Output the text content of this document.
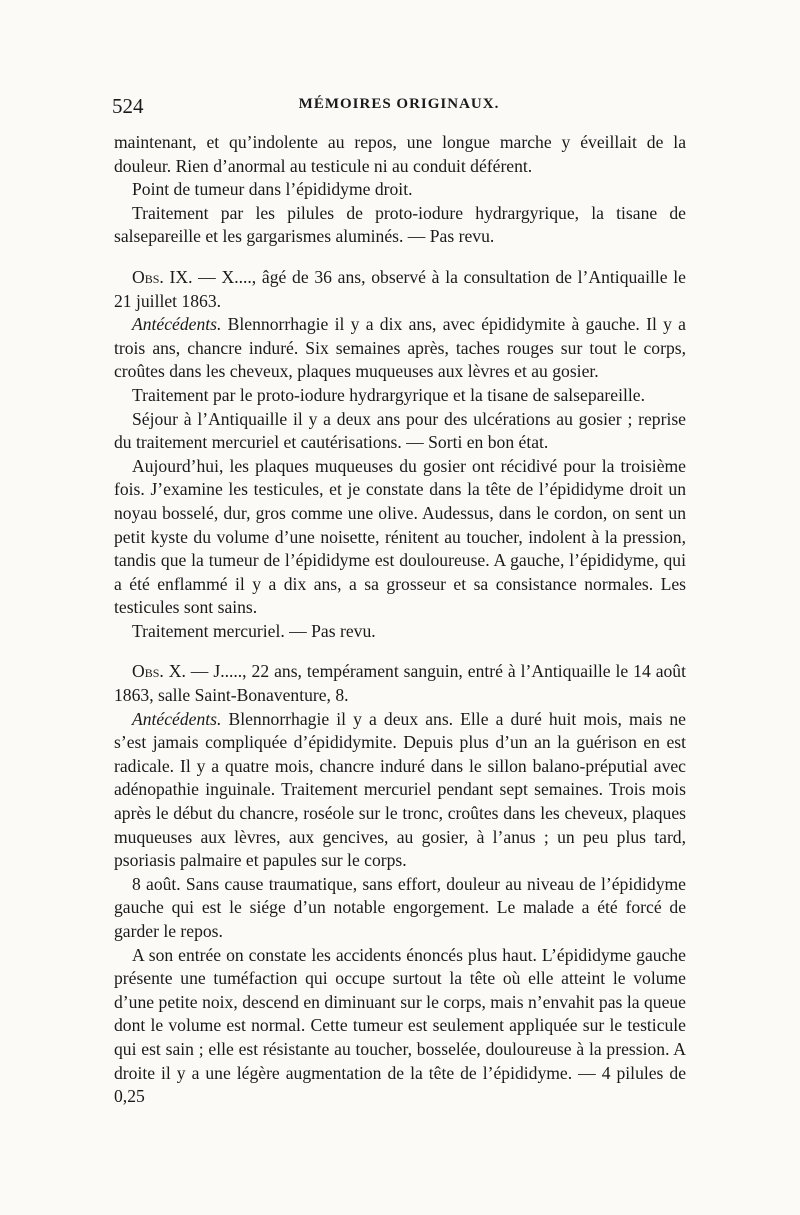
524	MÉMOIRES ORIGINAUX.

maintenant, et qu’indolente au repos, une longue marche y éveillait de la douleur. Rien d’anormal au testicule ni au conduit déférent.

Point de tumeur dans l’épididyme droit.

Traitement par les pilules de proto-iodure hydrargyrique, la tisane de salsepareille et les gargarismes aluminés. — Pas revu.

Obs. IX. — X...., âgé de 36 ans, observé à la consultation de l’Antiquaille le 21 juillet 1863.

Antécédents. Blennorrhagie il y a dix ans, avec épididymite à gauche. Il y a trois ans, chancre induré. Six semaines après, taches rouges sur tout le corps, croûtes dans les cheveux, plaques muqueuses aux lèvres et au gosier.

Traitement par le proto-iodure hydrargyrique et la tisane de salsepareille.

Séjour à l’Antiquaille il y a deux ans pour des ulcérations au gosier ; reprise du traitement mercuriel et cautérisations. — Sorti en bon état.

Aujourd’hui, les plaques muqueuses du gosier ont récidivé pour la troisième fois. J’examine les testicules, et je constate dans la tête de l’épididyme droit un noyau bosselé, dur, gros comme une olive. Audessus, dans le cordon, on sent un petit kyste du volume d’une noisette, rénitent au toucher, indolent à la pression, tandis que la tumeur de l’épididyme est douloureuse. A gauche, l’épididyme, qui a été enflammé il y a dix ans, a sa grosseur et sa consistance normales. Les testicules sont sains.

Traitement mercuriel. — Pas revu.

Obs. X. — J....., 22 ans, tempérament sanguin, entré à l’Antiquaille le 14 août 1863, salle Saint-Bonaventure, 8.

Antécédents. Blennorrhagie il y a deux ans. Elle a duré huit mois, mais ne s’est jamais compliquée d’épididymite. Depuis plus d’un an la guérison en est radicale. Il y a quatre mois, chancre induré dans le sillon balano-préputial avec adénopathie inguinale. Traitement mercuriel pendant sept semaines. Trois mois après le début du chancre, roséole sur le tronc, croûtes dans les cheveux, plaques muqueuses aux lèvres, aux gencives, au gosier, à l’anus ; un peu plus tard, psoriasis palmaire et papules sur le corps.

8 août. Sans cause traumatique, sans effort, douleur au niveau de l’épididyme gauche qui est le siége d’un notable engorgement. Le malade a été forcé de garder le repos.

A son entrée on constate les accidents énoncés plus haut. L’épididyme gauche présente une tuméfaction qui occupe surtout la tête où elle atteint le volume d’une petite noix, descend en diminuant sur le corps, mais n’envahit pas la queue dont le volume est normal. Cette tumeur est seulement appliquée sur le testicule qui est sain ; elle est résistante au toucher, bosselée, douloureuse à la pression. A droite il y a une légère augmentation de la tête de l’épididyme. — 4 pilules de 0,25
